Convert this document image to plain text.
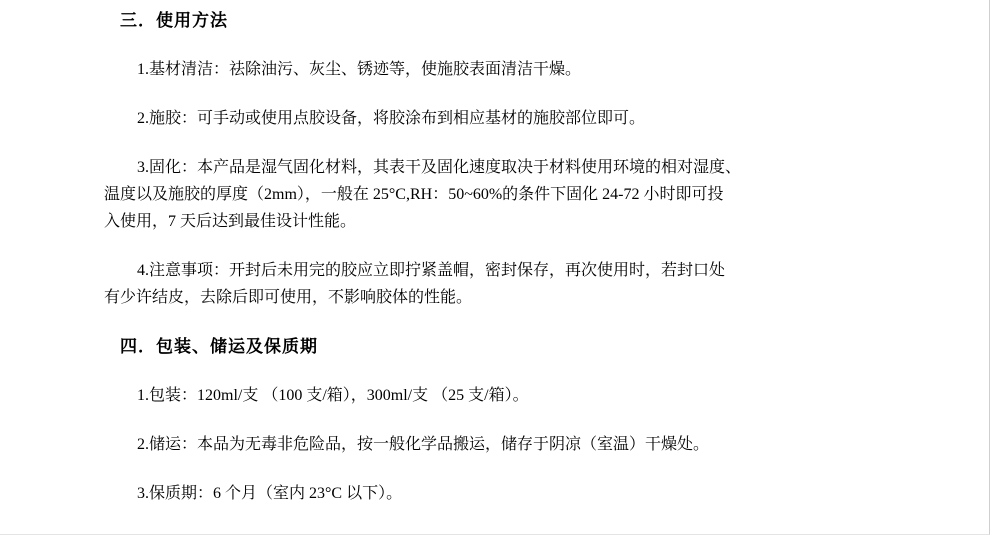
三．使用方法
1.基材清洁：祛除油污、灰尘、锈迹等，使施胶表面清洁干燥。
2.施胶：可手动或使用点胶设备，将胶涂布到相应基材的施胶部位即可。
3.固化：本产品是湿气固化材料，其表干及固化速度取决于材料使用环境的相对湿度、
温度以及施胶的厚度（2mm），一般在 25°C,RH：50~60%的条件下固化 24-72 小时即可投
入使用，7 天后达到最佳设计性能。
4.注意事项：开封后未用完的胶应立即拧紧盖帽，密封保存，再次使用时，若封口处
有少许结皮，去除后即可使用，不影响胶体的性能。
四．包装、储运及保质期
1.包装：120ml/支 （100 支/箱），300ml/支 （25 支/箱）。
2.储运：本品为无毒非危险品，按一般化学品搬运，储存于阴凉（室温）干燥处。
3.保质期：6 个月（室内 23°C 以下）。
